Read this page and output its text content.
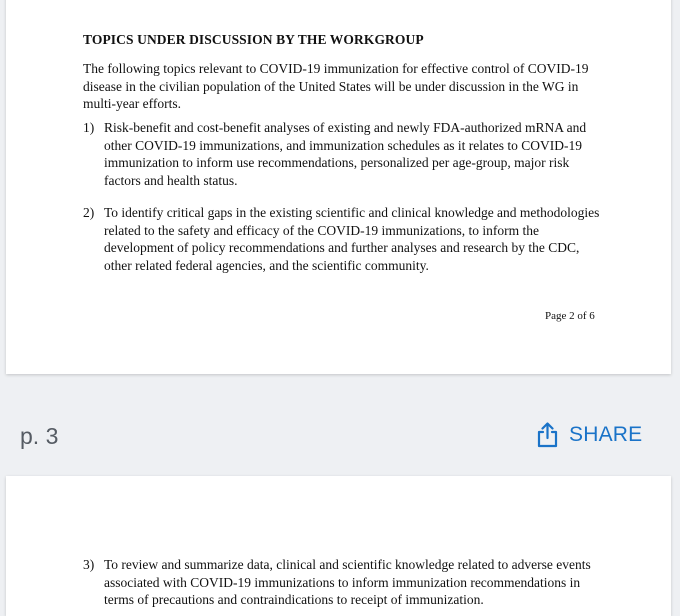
TOPICS UNDER DISCUSSION BY THE WORKGROUP

The following topics relevant to COVID-19 immunization for effective control of COVID-19 disease in the civilian population of the United States will be under discussion in the WG in multi-year efforts.

1) Risk-benefit and cost-benefit analyses of existing and newly FDA-authorized mRNA and other COVID-19 immunizations, and immunization schedules as it relates to COVID-19 immunization to inform use recommendations, personalized per age-group, major risk factors and health status.
2) To identify critical gaps in the existing scientific and clinical knowledge and methodologies related to the safety and efficacy of the COVID-19 immunizations, to inform the development of policy recommendations and further analyses and research by the CDC, other related federal agencies, and the scientific community.
Page 2 of 6
p. 3	SHARE
3) To review and summarize data, clinical and scientific knowledge related to adverse events associated with COVID-19 immunizations to inform immunization recommendations in terms of precautions and contraindications to receipt of immunization.
